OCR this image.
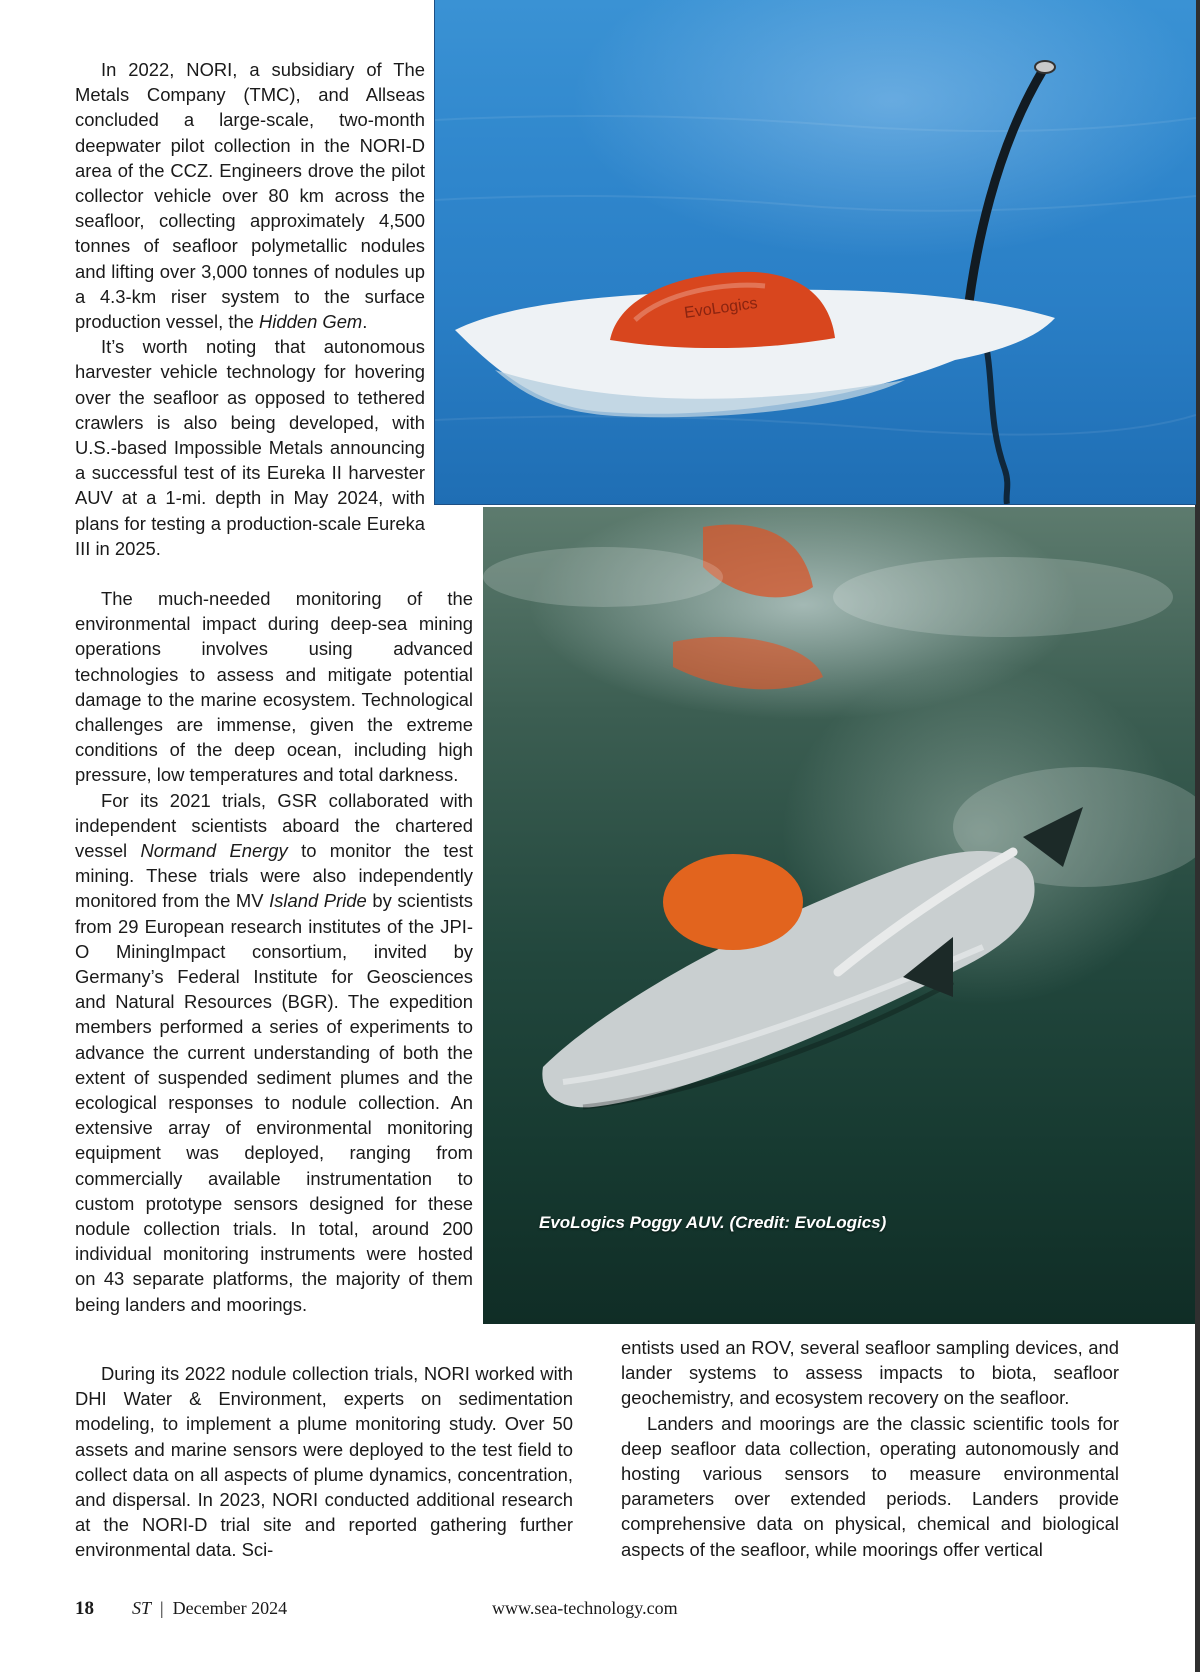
EvoLogics
EvoLogics Poggy AUV. (Credit: EvoLogics)

In 2022, NORI, a subsidiary of The Metals Company (TMC), and Allseas concluded a large-scale, two-month deepwater pilot collection in the NORI-D area of the CCZ. Engineers drove the pilot collector vehicle over 80 km across the seafloor, collecting approximately 4,500 tonnes of seafloor polymetallic nodules and lifting over 3,000 tonnes of nodules up a 4.3-km riser system to the surface production vessel, the Hidden Gem.

It’s worth noting that autonomous harvester vehicle technology for hovering over the seafloor as opposed to tethered crawlers is also being developed, with U.S.-based Impossible Metals announcing a successful test of its Eureka II harvester AUV at a 1-mi. depth in May 2024, with plans for testing a production-scale Eureka III in 2025.

The much-needed monitoring of the environmental impact during deep-sea mining operations involves using advanced technologies to assess and mitigate potential damage to the marine ecosystem. Technological challenges are immense, given the extreme conditions of the deep ocean, including high pressure, low temperatures and total darkness.

For its 2021 trials, GSR collaborated with independent scientists aboard the chartered vessel Normand Energy to monitor the test mining. These trials were also independently monitored from the MV Island Pride by scientists from 29 European research institutes of the JPI-O MiningImpact consortium, invited by Germany’s Federal Institute for Geosciences and Natural Resources (BGR). The expedition members performed a series of experiments to advance the current understanding of both the extent of suspended sediment plumes and the ecological responses to nodule collection. An extensive array of environmental monitoring equipment was deployed, ranging from commercially available instrumentation to custom prototype sensors designed for these nodule collection trials. In total, around 200 individual monitoring instruments were hosted on 43 separate platforms, the majority of them being landers and moorings.

During its 2022 nodule collection trials, NORI worked with DHI Water & Environment, experts on sedimentation modeling, to implement a plume monitoring study. Over 50 assets and marine sensors were deployed to the test field to collect data on all aspects of plume dynamics, concentration, and dispersal. In 2023, NORI conducted additional research at the NORI-D trial site and reported gathering further environmental data. Sci-

entists used an ROV, several seafloor sampling devices, and lander systems to assess impacts to biota, seafloor geochemistry, and ecosystem recovery on the seafloor.

Landers and moorings are the classic scientific tools for deep seafloor data collection, operating autonomously and hosting various sensors to measure environmental parameters over extended periods. Landers provide comprehensive data on physical, chemical and biological aspects of the seafloor, while moorings offer vertical

18 ST | December 2024	www.sea-technology.com
